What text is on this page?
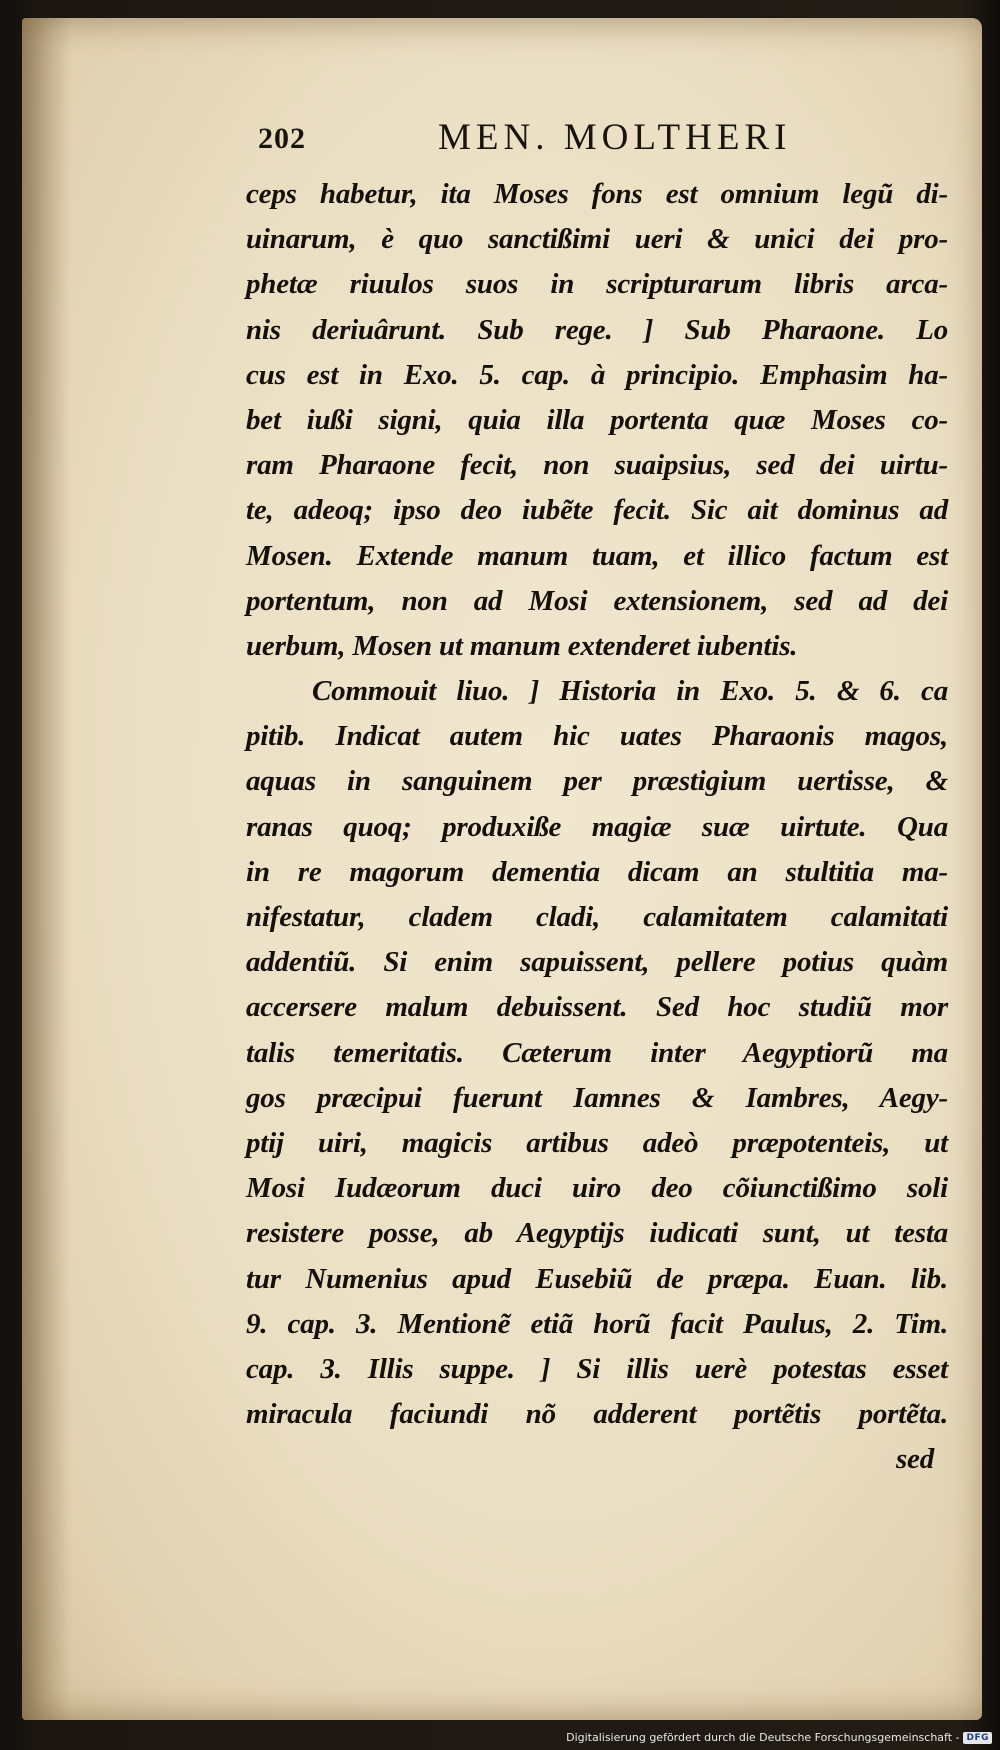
202	MEN. MOLTHERI
ceps habetur, ita Moses fons est omnium legũ di-
uinarum, è quo sanctißimi ueri & unici dei pro-
phetæ riuulos suos in scripturarum libris arca-
nis deriuârunt. Sub rege. ] Sub Pharaone. Lo
cus est in Exo. 5. cap. à principio. Emphasim ha-
bet iußi signi, quia illa portenta quæ Moses co-
ram Pharaone fecit, non suaipsius, sed dei uirtu-
te, adeoq; ipso deo iubẽte fecit. Sic ait dominus ad
Mosen. Extende manum tuam, et illico factum est
portentum, non ad Mosi extensionem, sed ad dei
uerbum, Mosen ut manum extenderet iubentis.
Commouit liuo. ] Historia in Exo. 5. & 6. ca
pitib. Indicat autem hic uates Pharaonis magos,
aquas in sanguinem per præstigium uertisse, &
ranas quoq; produxiße magiæ suæ uirtute. Qua
in re magorum dementia dicam an stultitia ma-
nifestatur, cladem cladi, calamitatem calamitati
addentiũ. Si enim sapuissent, pellere potius quàm
accersere malum debuissent. Sed hoc studiũ mor
talis temeritatis. Cæterum inter Aegyptiorũ ma
gos præcipui fuerunt Iamnes & Iambres, Aegy-
ptij uiri, magicis artibus adeò præpotenteis, ut
Mosi Iudæorum duci uiro deo cõiunctißimo soli
resistere posse, ab Aegyptijs iudicati sunt, ut testa
tur Numenius apud Eusebiũ de præpa. Euan. lib.
9. cap. 3. Mentionẽ etiã horũ facit Paulus, 2. Tim.
cap. 3. Illis suppe. ] Si illis uerè potestas esset
miracula faciundi nõ adderent portẽtis portẽta.
sed
Digitalisierung gefördert durch die Deutsche Forschungsgemeinschaft - DFG
